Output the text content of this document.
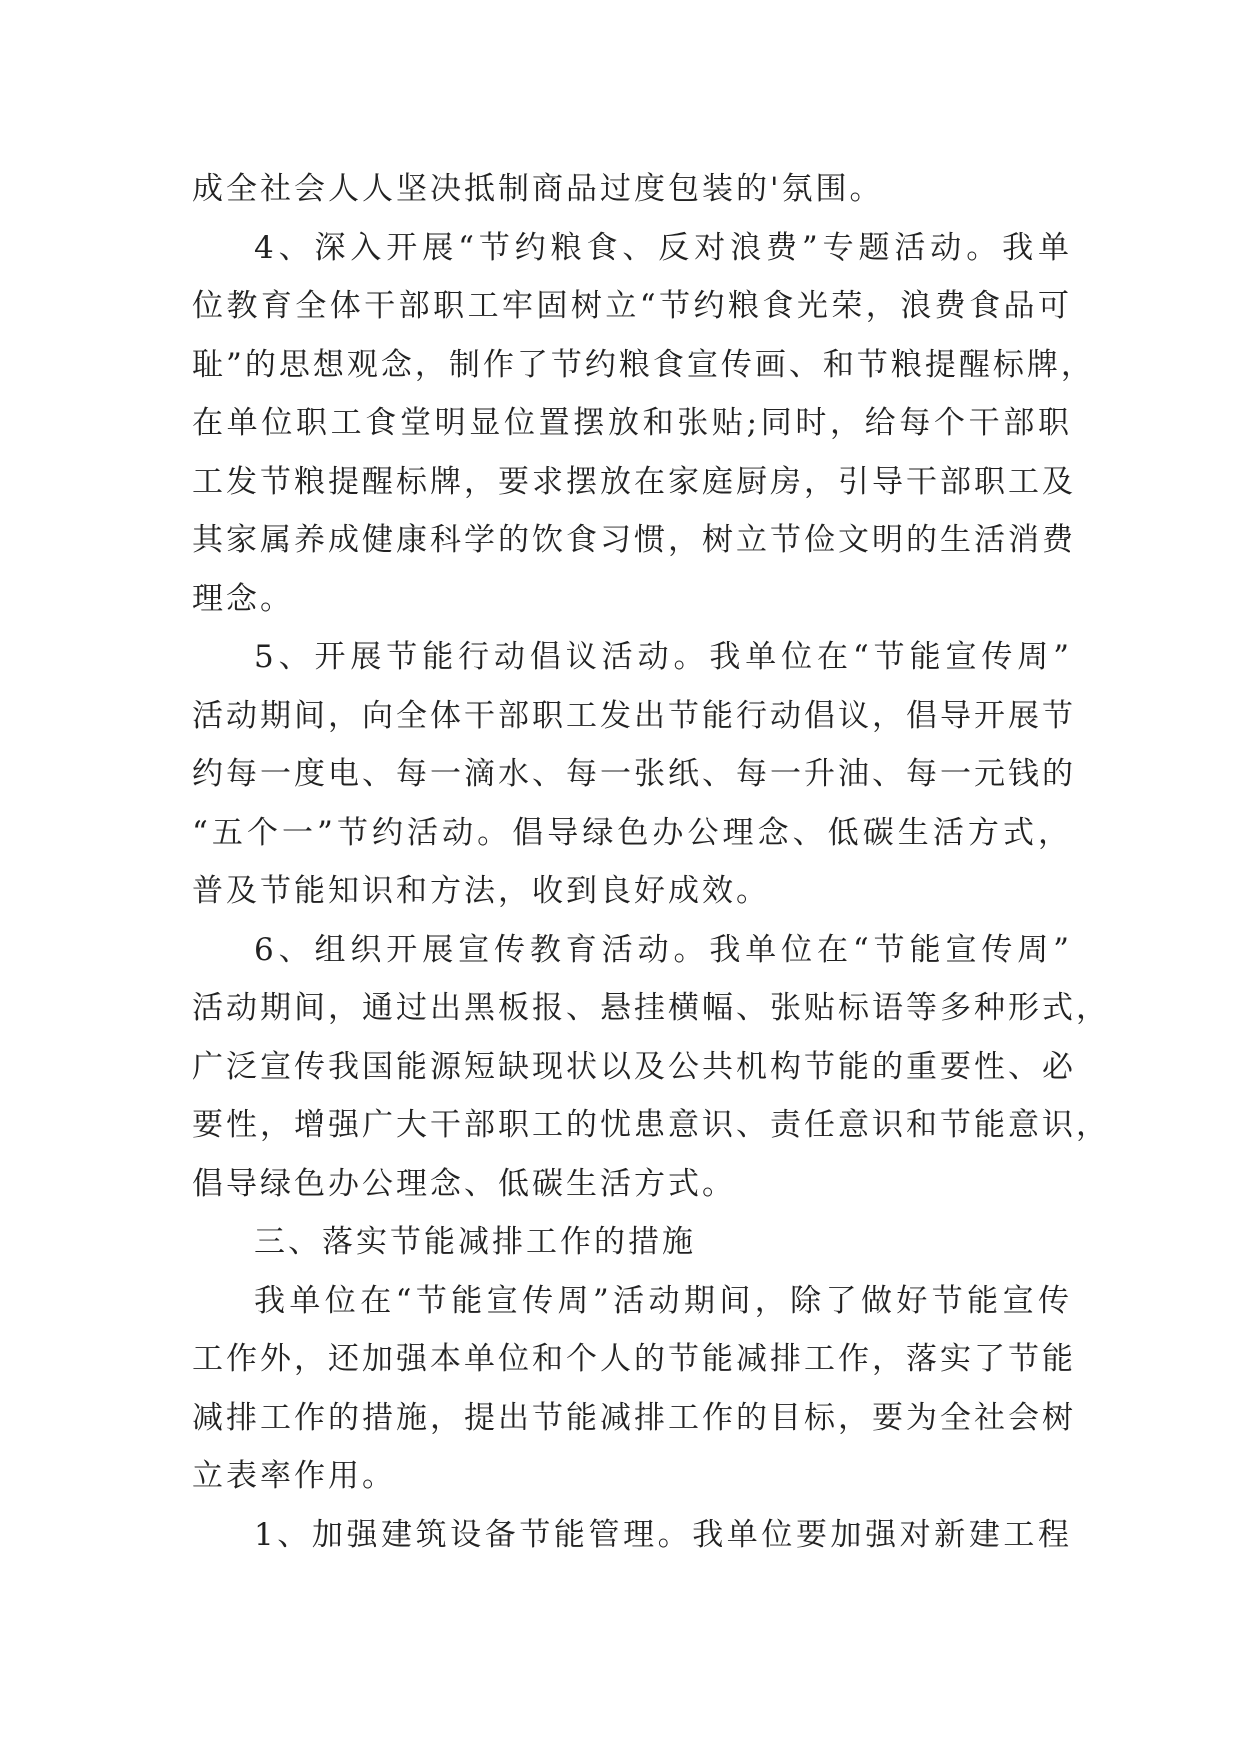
成全社会人人坚决抵制商品过度包装的'氛围。
4、深入开展“节约粮食、反对浪费”专题活动。我单
位教育全体干部职工牢固树立“节约粮食光荣，浪费食品可
耻”的思想观念，制作了节约粮食宣传画、和节粮提醒标牌，
在单位职工食堂明显位置摆放和张贴;同时，给每个干部职
工发节粮提醒标牌，要求摆放在家庭厨房，引导干部职工及
其家属养成健康科学的饮食习惯，树立节俭文明的生活消费
理念。
5、开展节能行动倡议活动。我单位在“节能宣传周”
活动期间，向全体干部职工发出节能行动倡议，倡导开展节
约每一度电、每一滴水、每一张纸、每一升油、每一元钱的
“五个一”节约活动。倡导绿色办公理念、低碳生活方式，
普及节能知识和方法，收到良好成效。
6、组织开展宣传教育活动。我单位在“节能宣传周”
活动期间，通过出黑板报、悬挂横幅、张贴标语等多种形式，
广泛宣传我国能源短缺现状以及公共机构节能的重要性、必
要性，增强广大干部职工的忧患意识、责任意识和节能意识，
倡导绿色办公理念、低碳生活方式。
三、落实节能减排工作的措施
我单位在“节能宣传周”活动期间，除了做好节能宣传
工作外，还加强本单位和个人的节能减排工作，落实了节能
减排工作的措施，提出节能减排工作的目标，要为全社会树
立表率作用。
1、加强建筑设备节能管理。我单位要加强对新建工程
